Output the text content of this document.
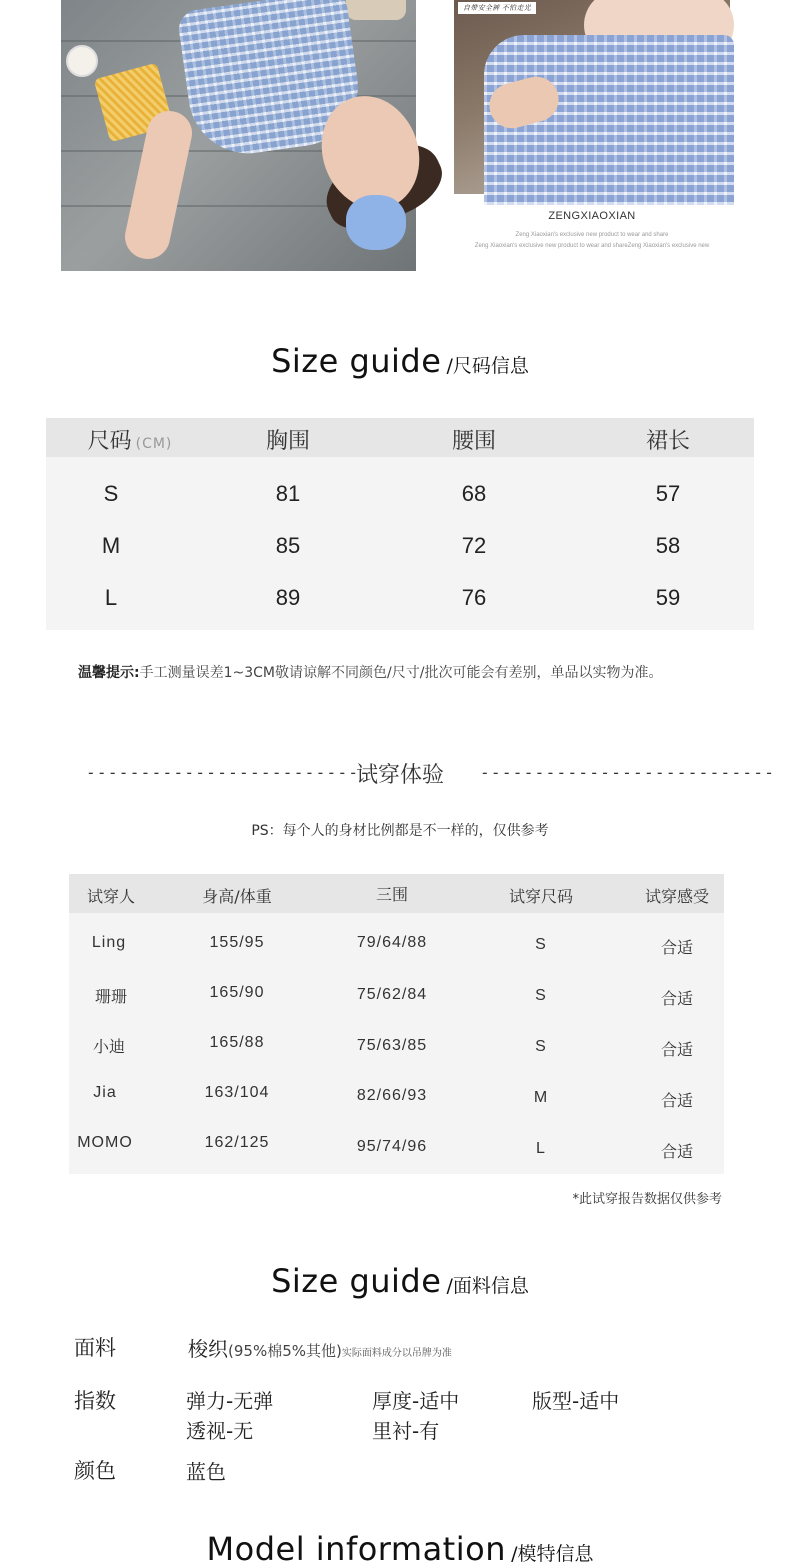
自带安全裤 不怕走光
ZENGXIAOXIAN
Zeng Xiaoxian's exclusive new product to wear and share
Zeng Xiaoxian's exclusive new product to wear and shareZeng Xiaoxian's exclusive new
Size guide /尺码信息
尺码 (CM)	胸围	腰围	裙长
S	81	68	57
M	85	72	58
L	89	76	59
温馨提示:手工测量误差1~3CM敬请谅解不同颜色/尺寸/批次可能会有差别，单品以实物为准。
---------------------------
试穿体验	---------------------------
PS：每个人的身材比例都是不一样的，仅供参考
试穿人	身高/体重	三围	试穿尺码	试穿感受
Ling	155/95	79/64/88	S	合适
珊珊	165/90	75/62/84	S	合适
小迪	165/88	75/63/85	S	合适
Jia	163/104	82/66/93	M	合适
MOMO	162/125	95/74/96	L	合适
*此试穿报告数据仅供参考
Size guide /面料信息
面料	梭织(95%棉5%其他)实际面料成分以吊牌为准
指数	弹力-无弹	厚度-适中	版型-适中
透视-无	里衬-有
颜色	蓝色
Model information /模特信息
